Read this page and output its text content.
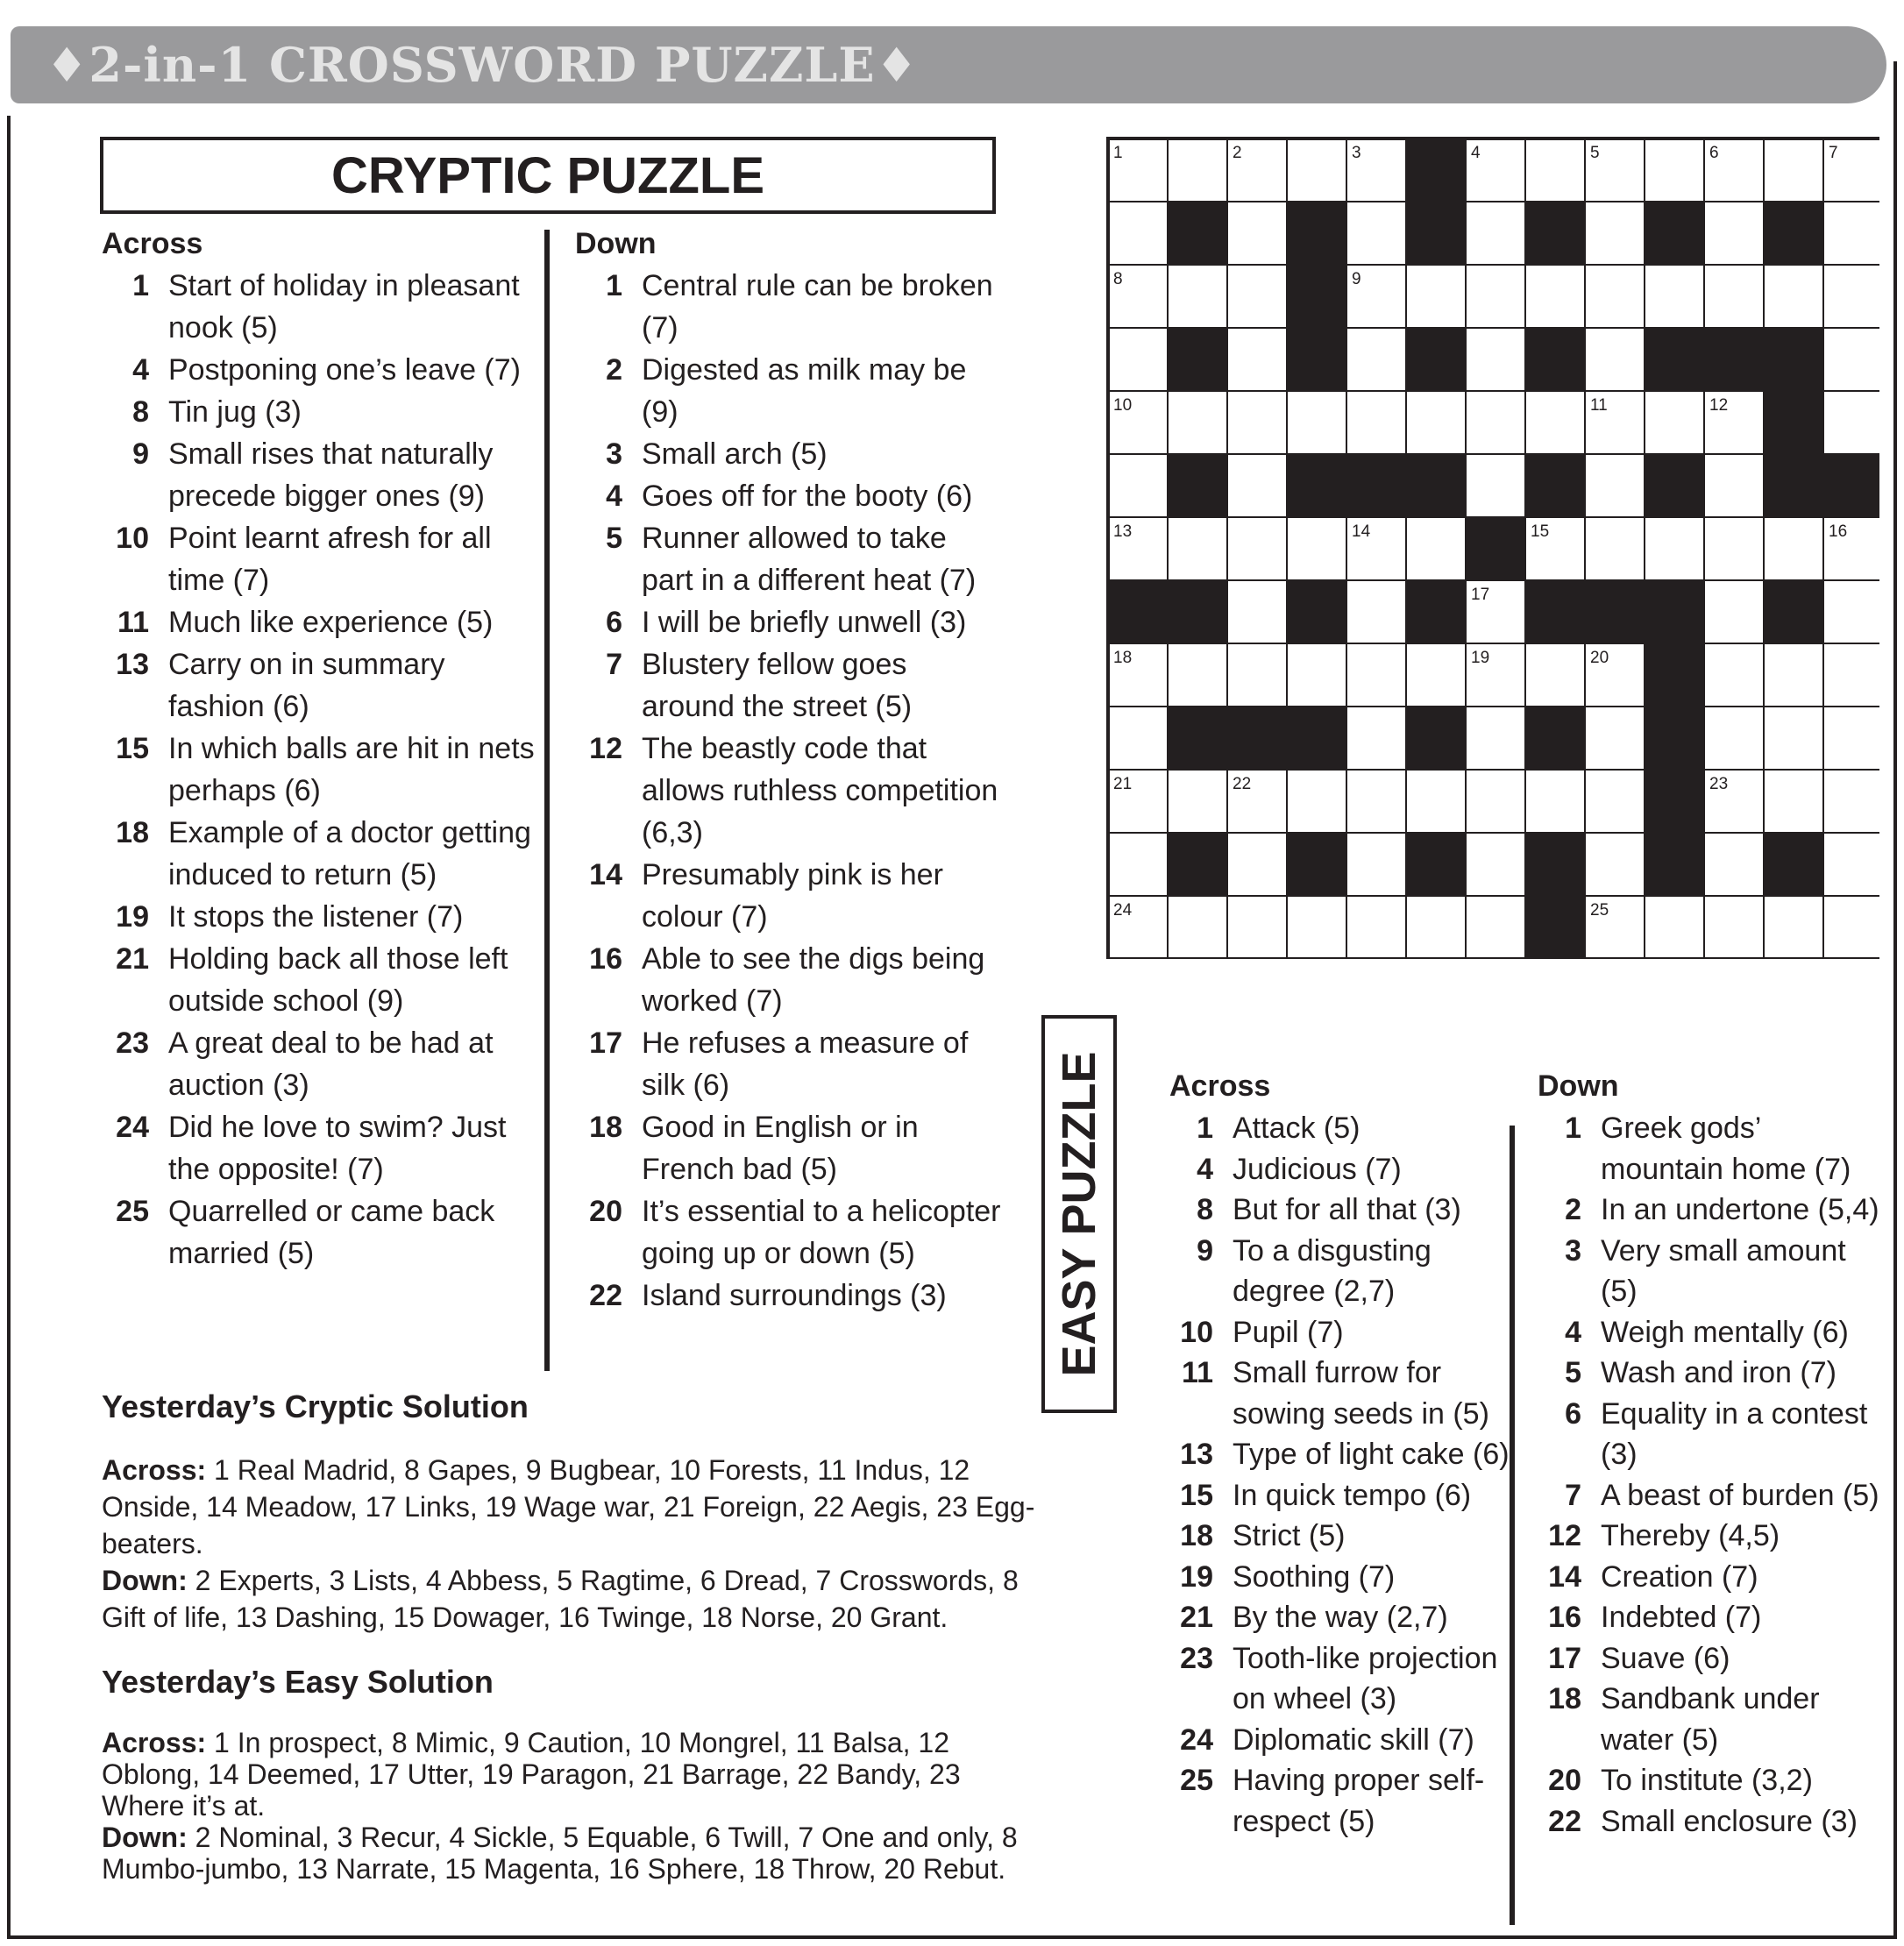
♦2-in-1 CROSSWORD PUZZLE♦
CRYPTIC PUZZLE
Across
1 Start of holiday in pleasant nook (5)
4 Postponing one’s leave (7)
8 Tin jug (3)
9 Small rises that naturally precede bigger ones (9)
10 Point learnt afresh for all time (7)
11 Much like experience (5)
13 Carry on in summary fashion (6)
15 In which balls are hit in nets perhaps (6)
18 Example of a doctor getting induced to return (5)
19 It stops the listener (7)
21 Holding back all those left outside school (9)
23 A great deal to be had at auction (3)
24 Did he love to swim? Just the opposite! (7)
25 Quarrelled or came back married (5)
Down
1 Central rule can be broken (7)
2 Digested as milk may be (9)
3 Small arch (5)
4 Goes off for the booty (6)
5 Runner allowed to take part in a different heat (7)
6 I will be briefly unwell (3)
7 Blustery fellow goes around the street (5)
12 The beastly code that allows ruthless competition (6,3)
14 Presumably pink is her colour (7)
16 Able to see the digs being worked (7)
17 He refuses a measure of silk (6)
18 Good in English or in French bad (5)
20 It’s essential to a helicopter going up or down (5)
22 Island surroundings (3)
Yesterday’s Cryptic Solution

Across: 1 Real Madrid, 8 Gapes, 9 Bugbear, 10 Forests, 11 Indus, 12 Onside, 14 Meadow, 17 Links, 19 Wage war, 21 Foreign, 22 Aegis, 23 Egg-beaters.

Down: 2 Experts, 3 Lists, 4 Abbess, 5 Ragtime, 6 Dread, 7 Crosswords, 8 Gift of life, 13 Dashing, 15 Dowager, 16 Twinge, 18 Norse, 20 Grant.

Yesterday’s Easy Solution

Across: 1 In prospect, 8 Mimic, 9 Caution, 10 Mongrel, 11 Balsa, 12 Oblong, 14 Deemed, 17 Utter, 19 Paragon, 21 Barrage, 22 Bandy, 23 Where it’s at.

Down: 2 Nominal, 3 Recur, 4 Sickle, 5 Equable, 6 Twill, 7 One and only, 8 Mumbo-jumbo, 13 Narrate, 15 Magenta, 16 Sphere, 18 Throw, 20 Rebut.

1	2	3	4	5	6	7
8	9
10	11	12
13	14	15	16
17
18	19	20
21	22	23
24	25
EASY PUZZLE Across
1 Attack (5)
4 Judicious (7)
8 But for all that (3)
9 To a disgusting degree (2,7)
10 Pupil (7)
11 Small furrow for sowing seeds in (5)
13 Type of light cake (6)
15 In quick tempo (6)
18 Strict (5)
19 Soothing (7)
21 By the way (2,7)
23 Tooth-like projection on wheel (3)
24 Diplomatic skill (7)
25 Having proper self-respect (5)
Down
1 Greek gods’ mountain home (7)
2 In an undertone (5,4)
3 Very small amount (5)
4 Weigh mentally (6)
5 Wash and iron (7)
6 Equality in a contest (3)
7 A beast of burden (5)
12 Thereby (4,5)
14 Creation (7)
16 Indebted (7)
17 Suave (6)
18 Sandbank under water (5)
20 To institute (3,2)
22 Small enclosure (3)
